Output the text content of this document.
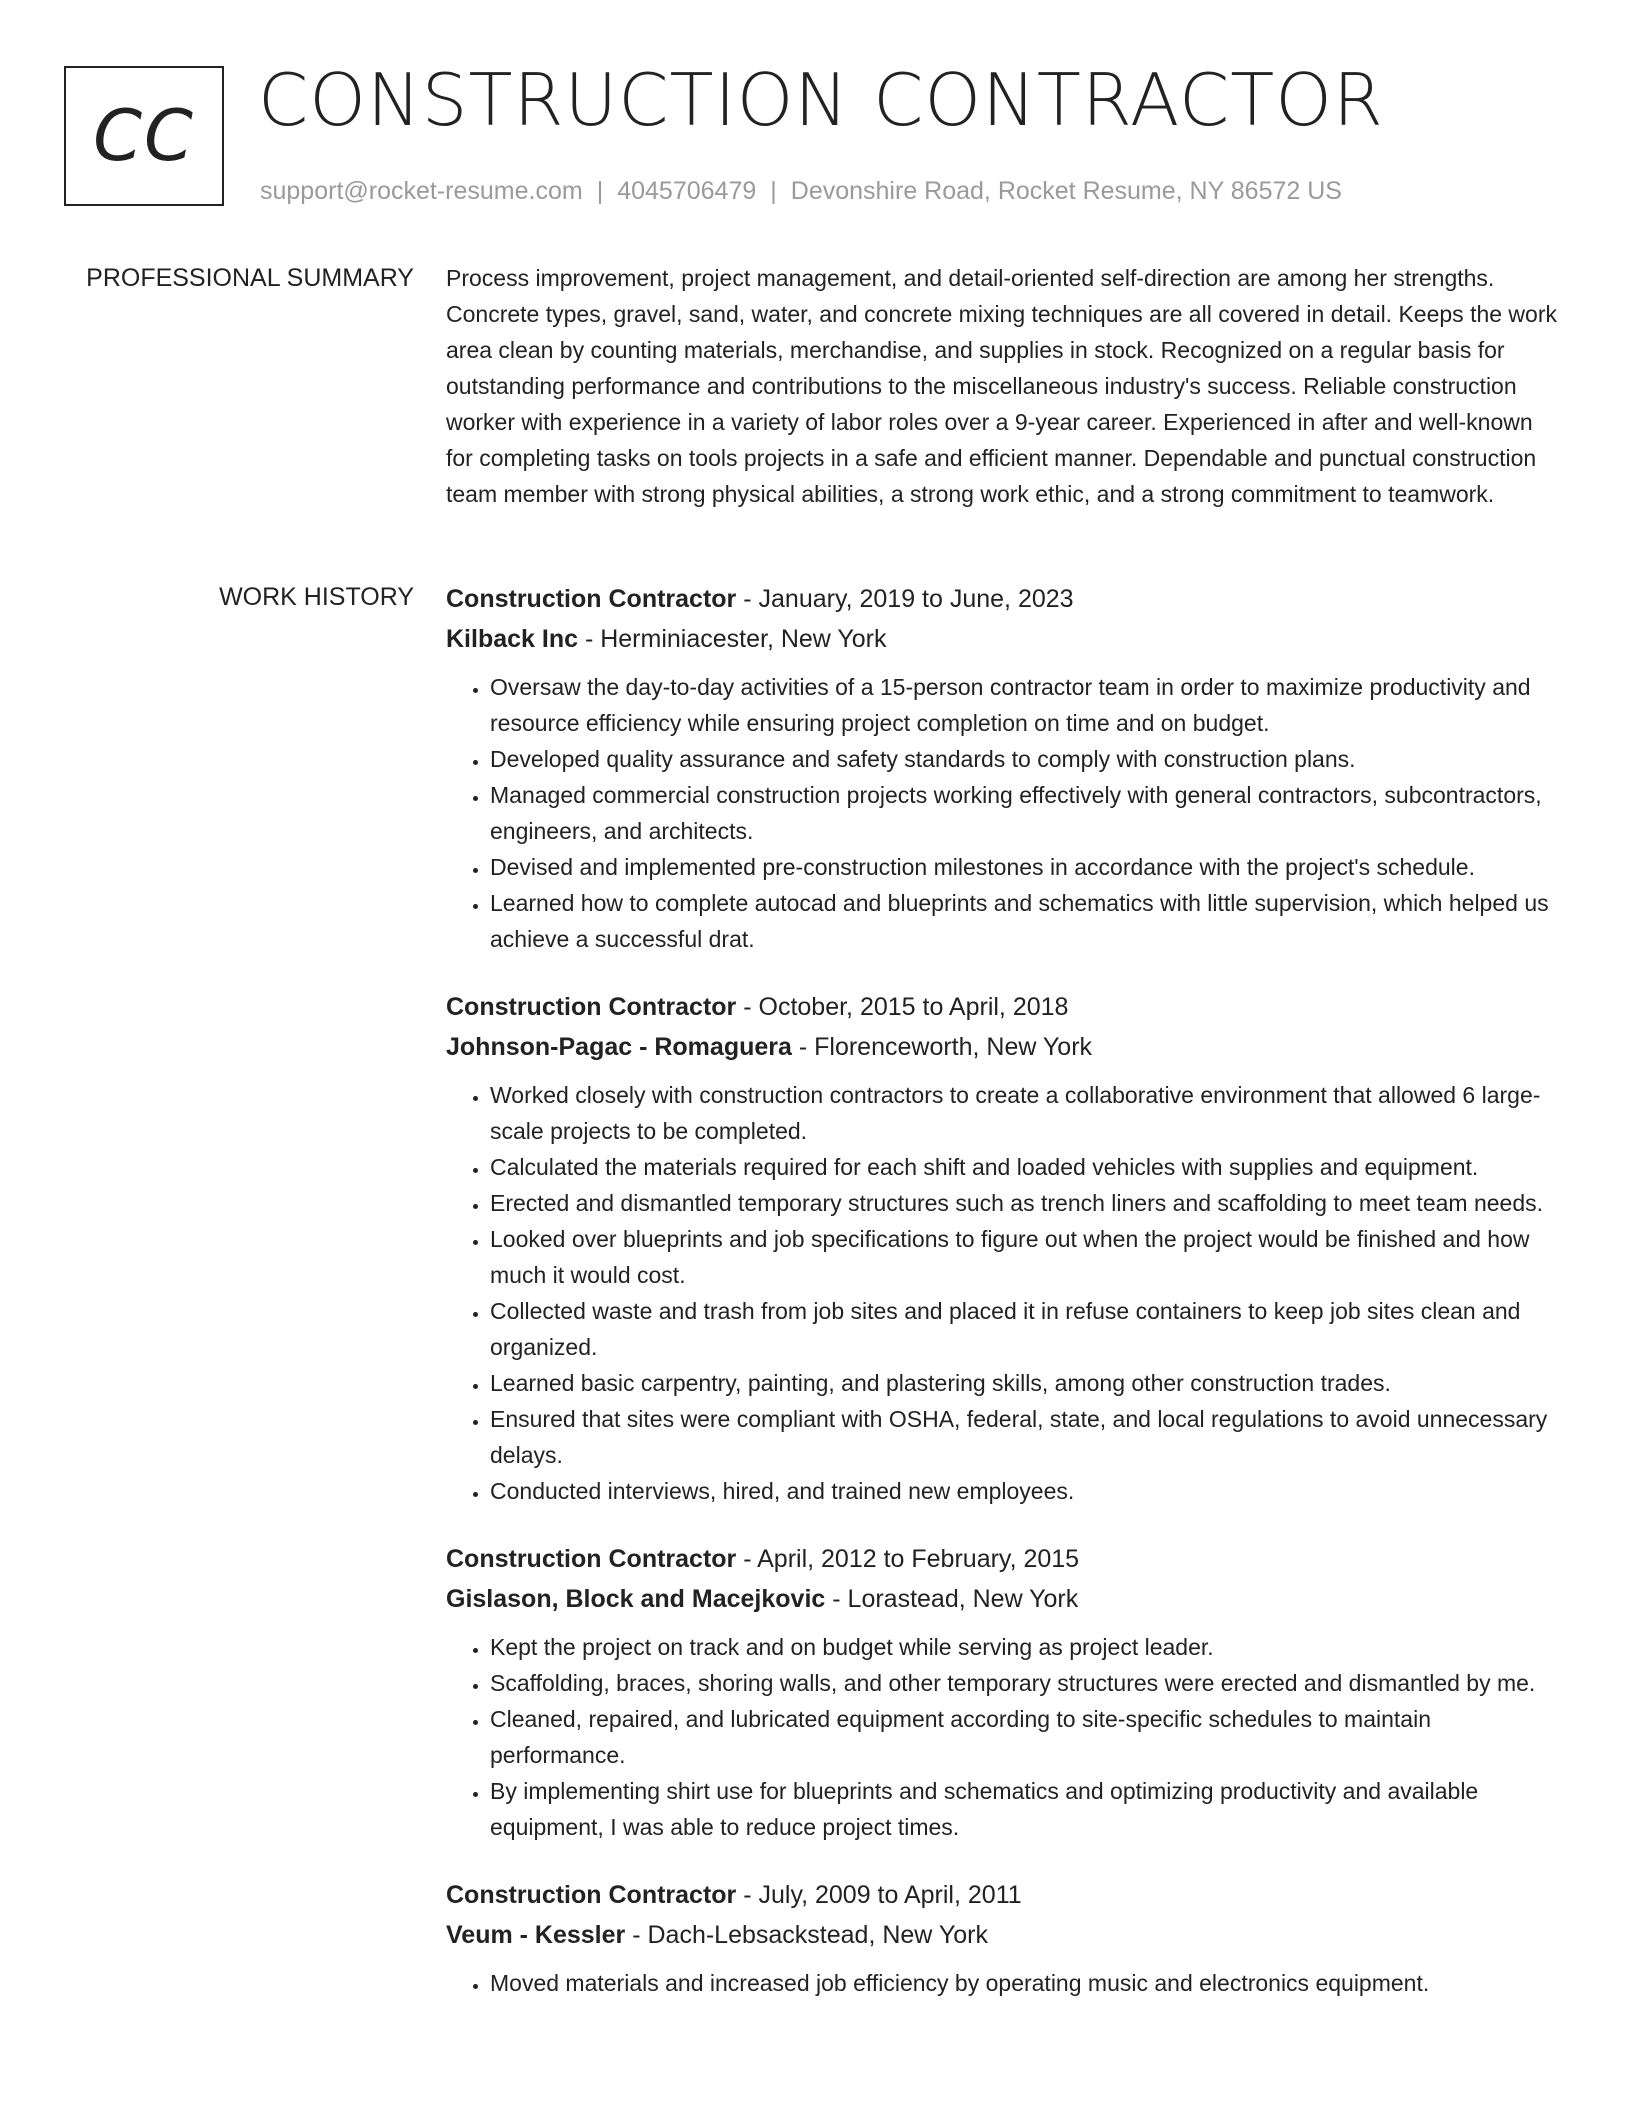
CC CONSTRUCTION CONTRACTOR
support@rocket-resume.com | 4045706479 | Devonshire Road, Rocket Resume, NY 86572 US
PROFESSIONAL SUMMARY Process improvement, project management, and detail-oriented self-direction are among her strengths. Concrete types, gravel, sand, water, and concrete mixing techniques are all covered in detail. Keeps the work area clean by counting materials, merchandise, and supplies in stock. Recognized on a regular basis for outstanding performance and contributions to the miscellaneous industry's success. Reliable construction worker with experience in a variety of labor roles over a 9-year career. Experienced in after and well-known for completing tasks on tools projects in a safe and efficient manner. Dependable and punctual construction team member with strong physical abilities, a strong work ethic, and a strong commitment to teamwork.

WORK HISTORY Construction Contractor - January, 2019 to June, 2023
Kilback Inc - Herminiacester, New York
• Oversaw the day-to-day activities of a 15-person contractor team in order to maximize productivity and resource efficiency while ensuring project completion on time and on budget.
• Developed quality assurance and safety standards to comply with construction plans.
• Managed commercial construction projects working effectively with general contractors, subcontractors, engineers, and architects.
• Devised and implemented pre-construction milestones in accordance with the project's schedule.
• Learned how to complete autocad and blueprints and schematics with little supervision, which helped us achieve a successful drat.
Construction Contractor - October, 2015 to April, 2018
Johnson-Pagac - Romaguera - Florenceworth, New York
• Worked closely with construction contractors to create a collaborative environment that allowed 6 large-scale projects to be completed.
• Calculated the materials required for each shift and loaded vehicles with supplies and equipment.
• Erected and dismantled temporary structures such as trench liners and scaffolding to meet team needs.
• Looked over blueprints and job specifications to figure out when the project would be finished and how much it would cost.
• Collected waste and trash from job sites and placed it in refuse containers to keep job sites clean and organized.
• Learned basic carpentry, painting, and plastering skills, among other construction trades.
• Ensured that sites were compliant with OSHA, federal, state, and local regulations to avoid unnecessary delays.
• Conducted interviews, hired, and trained new employees.
Construction Contractor - April, 2012 to February, 2015
Gislason, Block and Macejkovic - Lorastead, New York
• Kept the project on track and on budget while serving as project leader.
• Scaffolding, braces, shoring walls, and other temporary structures were erected and dismantled by me.
• Cleaned, repaired, and lubricated equipment according to site-specific schedules to maintain performance.
• By implementing shirt use for blueprints and schematics and optimizing productivity and available equipment, I was able to reduce project times.
Construction Contractor - July, 2009 to April, 2011
Veum - Kessler - Dach-Lebsackstead, New York
• Moved materials and increased job efficiency by operating music and electronics equipment.
